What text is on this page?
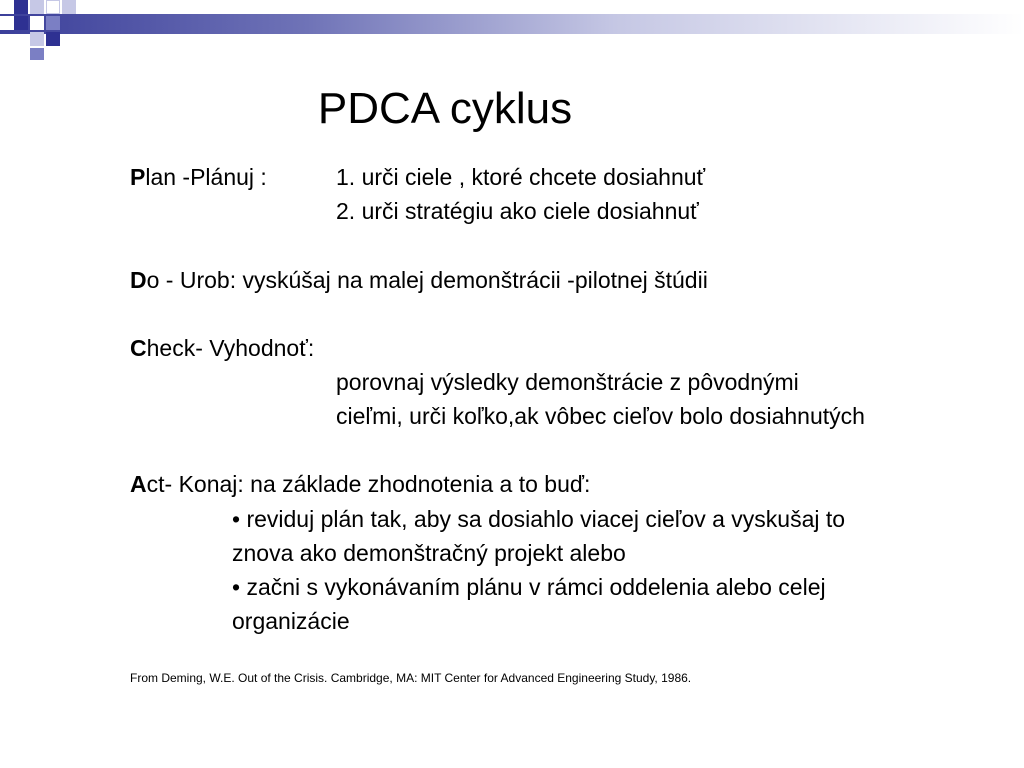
PDCA cyklus
Plan -Plánuj :	1. urči ciele , ktoré chcete dosiahnuť
2. urči stratégiu ako ciele dosiahnuť
Do - Urob: vyskúšaj na malej demonštrácii -pilotnej štúdii
Check- Vyhodnoť:
porovnaj výsledky demonštrácie z pôvodnými
cieľmi, urči koľko,ak vôbec cieľov bolo dosiahnutých
Act- Konaj: na základe zhodnotenia a to buď:
• reviduj plán tak, aby sa dosiahlo viacej cieľov a vyskušaj to
znova ako demonštračný projekt alebo
• začni s vykonávaním plánu v rámci oddelenia alebo celej
organizácie
From Deming, W.E. Out of the Crisis. Cambridge, MA: MIT Center for Advanced Engineering Study, 1986.
